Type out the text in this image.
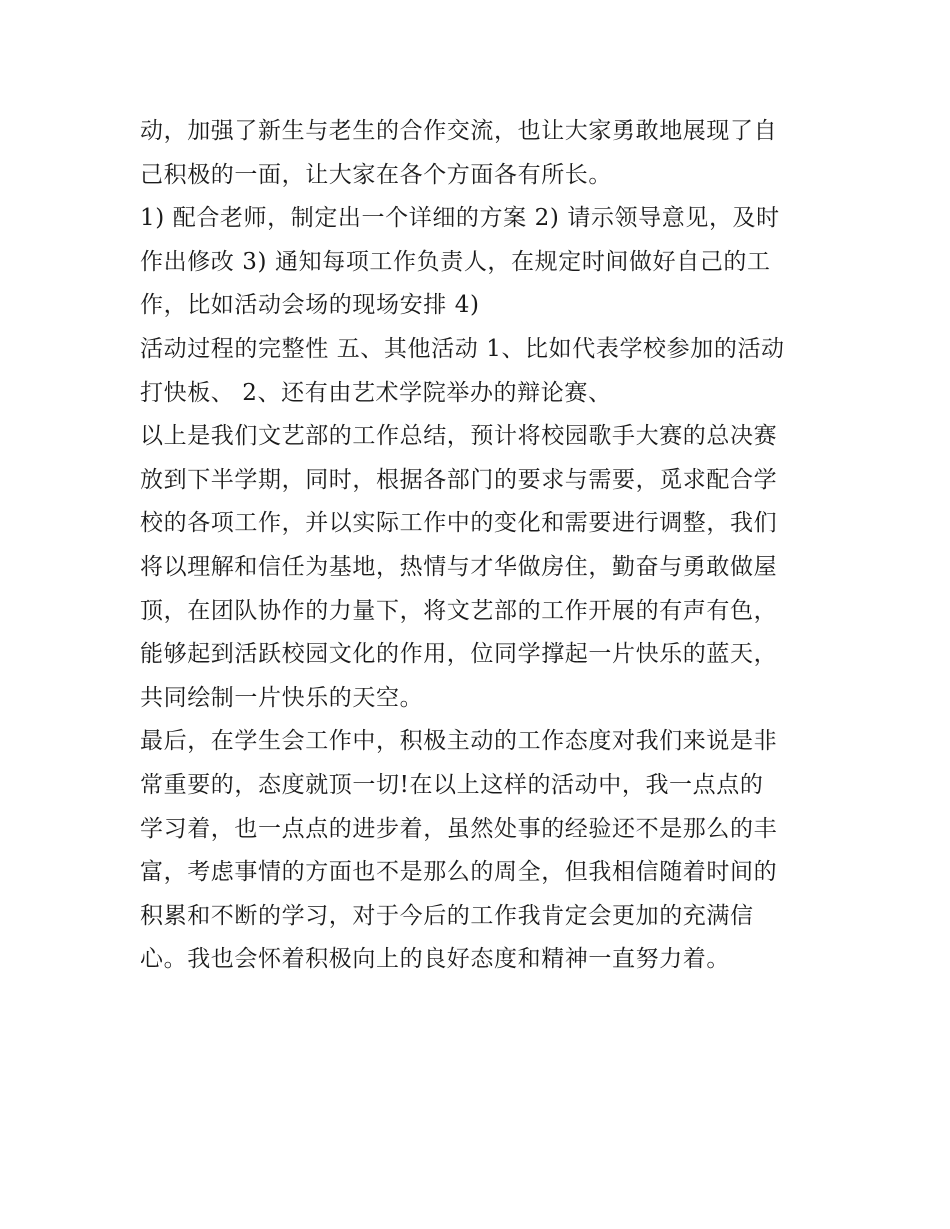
动，加强了新生与老生的合作交流，也让大家勇敢地展现了自
己积极的一面，让大家在各个方面各有所长。
1) 配合老师，制定出一个详细的方案 2) 请示领导意见，及时
作出修改 3) 通知每项工作负责人，在规定时间做好自己的工
作，比如活动会场的现场安排 4)
活动过程的完整性 五、其他活动 1、比如代表学校参加的活动
打快板、 2、还有由艺术学院举办的辩论赛、
以上是我们文艺部的工作总结，预计将校园歌手大赛的总决赛
放到下半学期，同时，根据各部门的要求与需要，觅求配合学
校的各项工作，并以实际工作中的变化和需要进行调整，我们
将以理解和信任为基地，热情与才华做房住，勤奋与勇敢做屋
顶，在团队协作的力量下，将文艺部的工作开展的有声有色，
能够起到活跃校园文化的作用，位同学撑起一片快乐的蓝天，
共同绘制一片快乐的天空。
最后，在学生会工作中，积极主动的工作态度对我们来说是非
常重要的，态度就顶一切!在以上这样的活动中，我一点点的
学习着，也一点点的进步着，虽然处事的经验还不是那么的丰
富，考虑事情的方面也不是那么的周全，但我相信随着时间的
积累和不断的学习，对于今后的工作我肯定会更加的充满信
心。我也会怀着积极向上的良好态度和精神一直努力着。
